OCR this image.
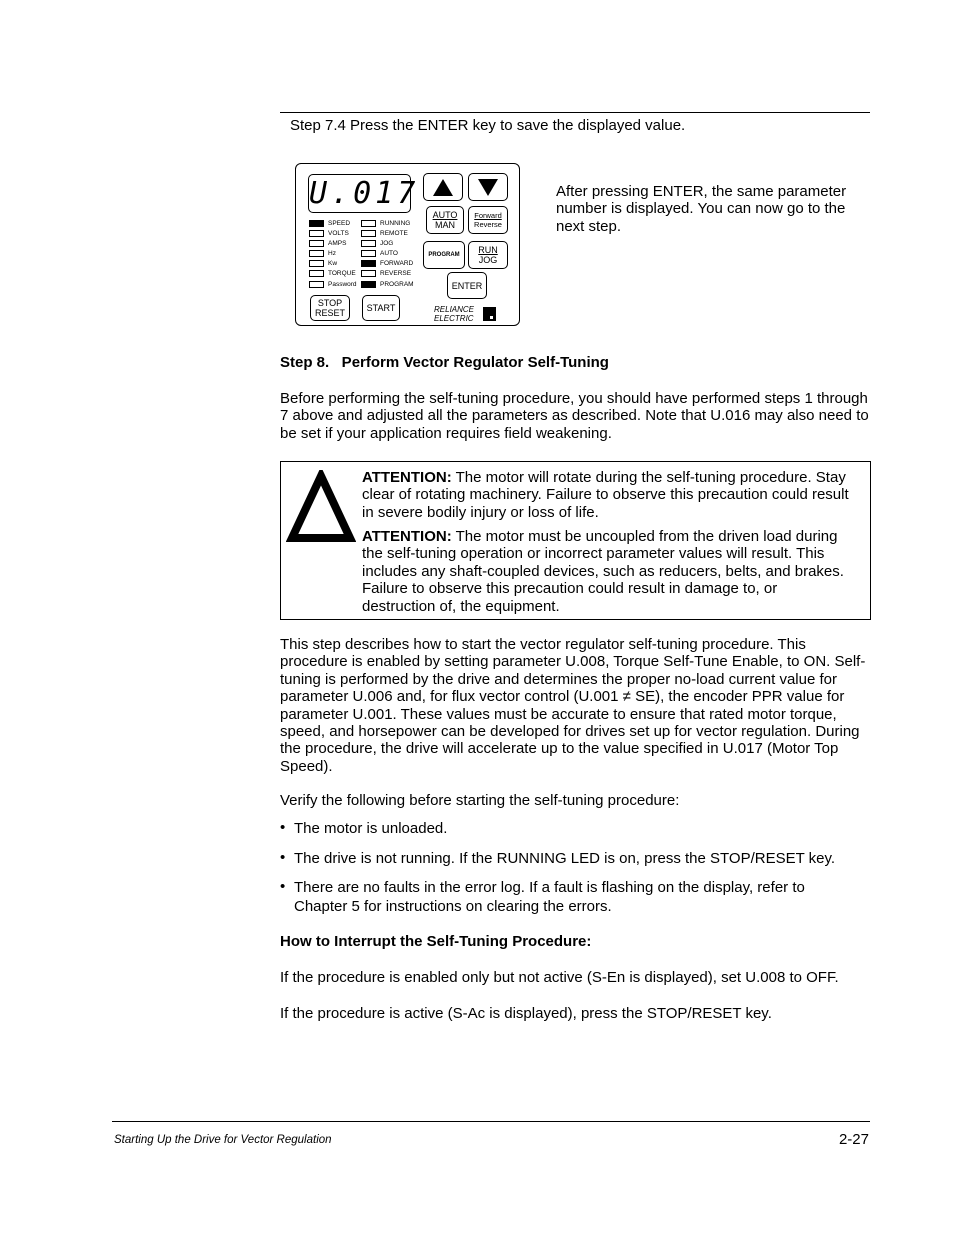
Step 7.4 Press the ENTER key to save the displayed value.
U.017
AUTO
MAN
Forward
Reverse
PROGRAM RUN
JOG
ENTER
STOP
RESET START
SPEED
VOLTS
AMPS
Hz
Kw
TORQUE
Password
RUNNING
REMOTE
JOG
AUTO
FORWARD
REVERSE
PROGRAM
RELIANCE
ELECTRIC
After pressing ENTER, the same parameter number is displayed. You can now go to the next step.
Step 8.   Perform Vector Regulator Self-Tuning
Before performing the self-tuning procedure, you should have performed steps 1 through 7 above and adjusted all the parameters as described. Note that U.016 may also need to be set if your application requires field weakening.
ATTENTION: The motor will rotate during the self-tuning procedure. Stay clear of rotating machinery. Failure to observe this precaution could result in severe bodily injury or loss of life.
ATTENTION: The motor must be uncoupled from the driven load during the self-tuning operation or incorrect parameter values will result. This includes any shaft-coupled devices, such as reducers, belts, and brakes. Failure to observe this precaution could result in damage to, or destruction of, the equipment.
This step describes how to start the vector regulator self-tuning procedure. This procedure is enabled by setting parameter U.008, Torque Self-Tune Enable, to ON. Self-tuning is performed by the drive and determines the proper no-load current value for parameter U.006 and, for flux vector control (U.001 ≠ SE), the encoder PPR value for parameter U.001. These values must be accurate to ensure that rated motor torque, speed, and horsepower can be developed for drives set up for vector regulation. During the procedure, the drive will accelerate up to the value specified in U.017 (Motor Top Speed).
Verify the following before starting the self-tuning procedure:
• The motor is unloaded.
• The drive is not running. If the RUNNING LED is on, press the STOP/RESET key.
• There are no faults in the error log. If a fault is flashing on the display, refer to Chapter 5 for instructions on clearing the errors.
How to Interrupt the Self-Tuning Procedure:
If the procedure is enabled only but not active (S-En is displayed), set U.008 to OFF.
If the procedure is active (S-Ac is displayed), press the STOP/RESET key.
Starting Up the Drive for Vector Regulation	2-27
